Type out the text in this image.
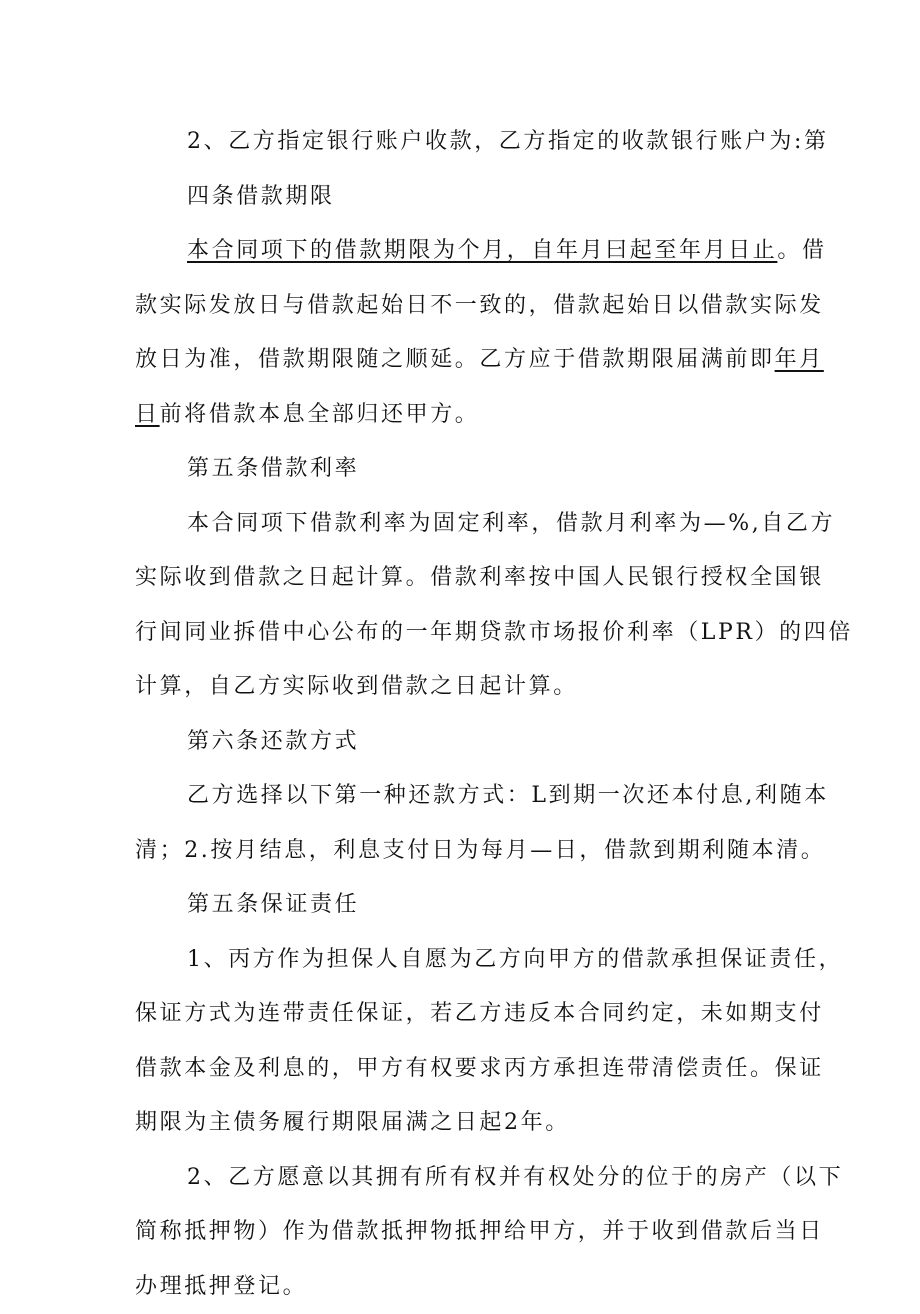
2、乙方指定银行账户收款，乙方指定的收款银行账户为:第
四条借款期限
本合同项下的借款期限为个月，自年月曰起至年月日止。借
款实际发放日与借款起始日不一致的，借款起始日以借款实际发
放日为准，借款期限随之顺延。乙方应于借款期限届满前即年月
日前将借款本息全部归还甲方。
第五条借款利率
本合同项下借款利率为固定利率，借款月利率为—%,自乙方
实际收到借款之日起计算。借款利率按中国人民银行授权全国银
行间同业拆借中心公布的一年期贷款市场报价利率（LPR）的四倍
计算，自乙方实际收到借款之日起计算。
第六条还款方式
乙方选择以下第一种还款方式：L到期一次还本付息,利随本
清；2.按月结息，利息支付日为每月—日，借款到期利随本清。
第五条保证责任
1、丙方作为担保人自愿为乙方向甲方的借款承担保证责任，
保证方式为连带责任保证，若乙方违反本合同约定，未如期支付
借款本金及利息的，甲方有权要求丙方承担连带清偿责任。保证
期限为主债务履行期限届满之日起2年。
2、乙方愿意以其拥有所有权并有权处分的位于的房产（以下
简称抵押物）作为借款抵押物抵押给甲方，并于收到借款后当日
办理抵押登记。
